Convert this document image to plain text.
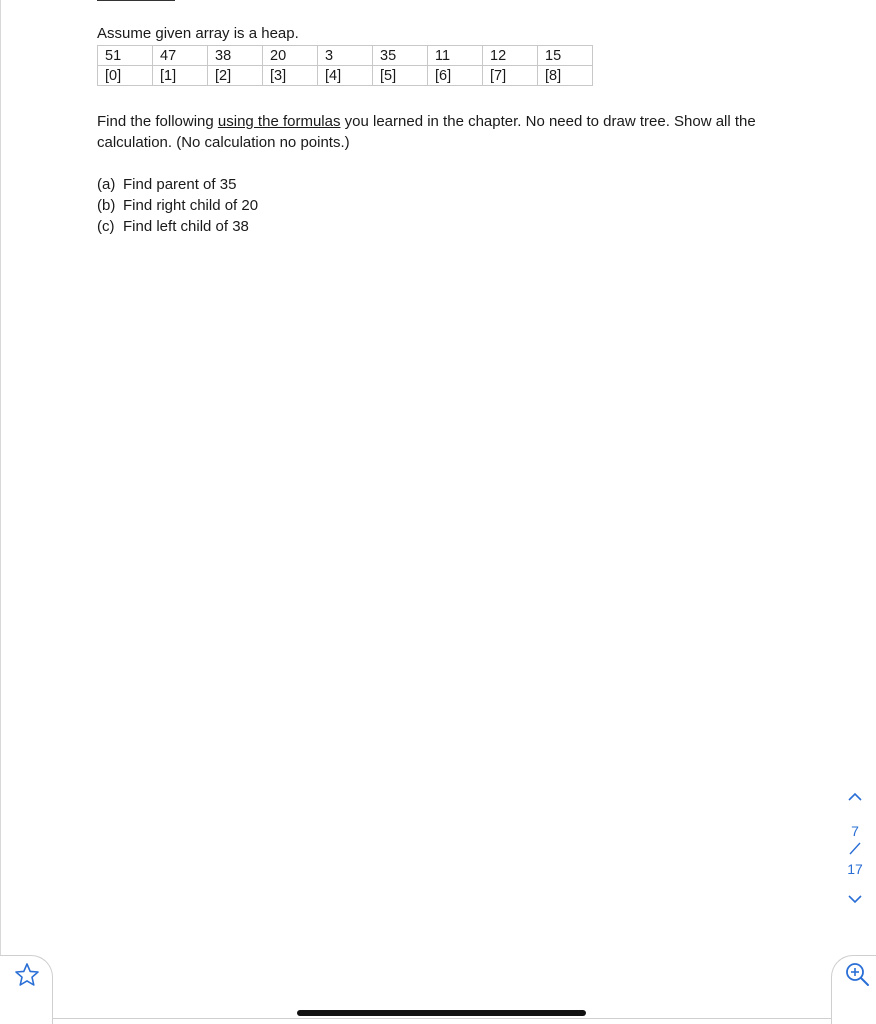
Assume given array is a heap.
51	47	38	20	3	35	11	12	15
[0]	[1]	[2]	[3]	[4]	[5]	[6]	[7]	[8]
Find the following using the formulas you learned in the chapter. No need to draw tree. Show all the calculation. (No calculation no points.)
(a) Find parent of 35
(b) Find right child of 20
(c) Find left child of 38
7
17
